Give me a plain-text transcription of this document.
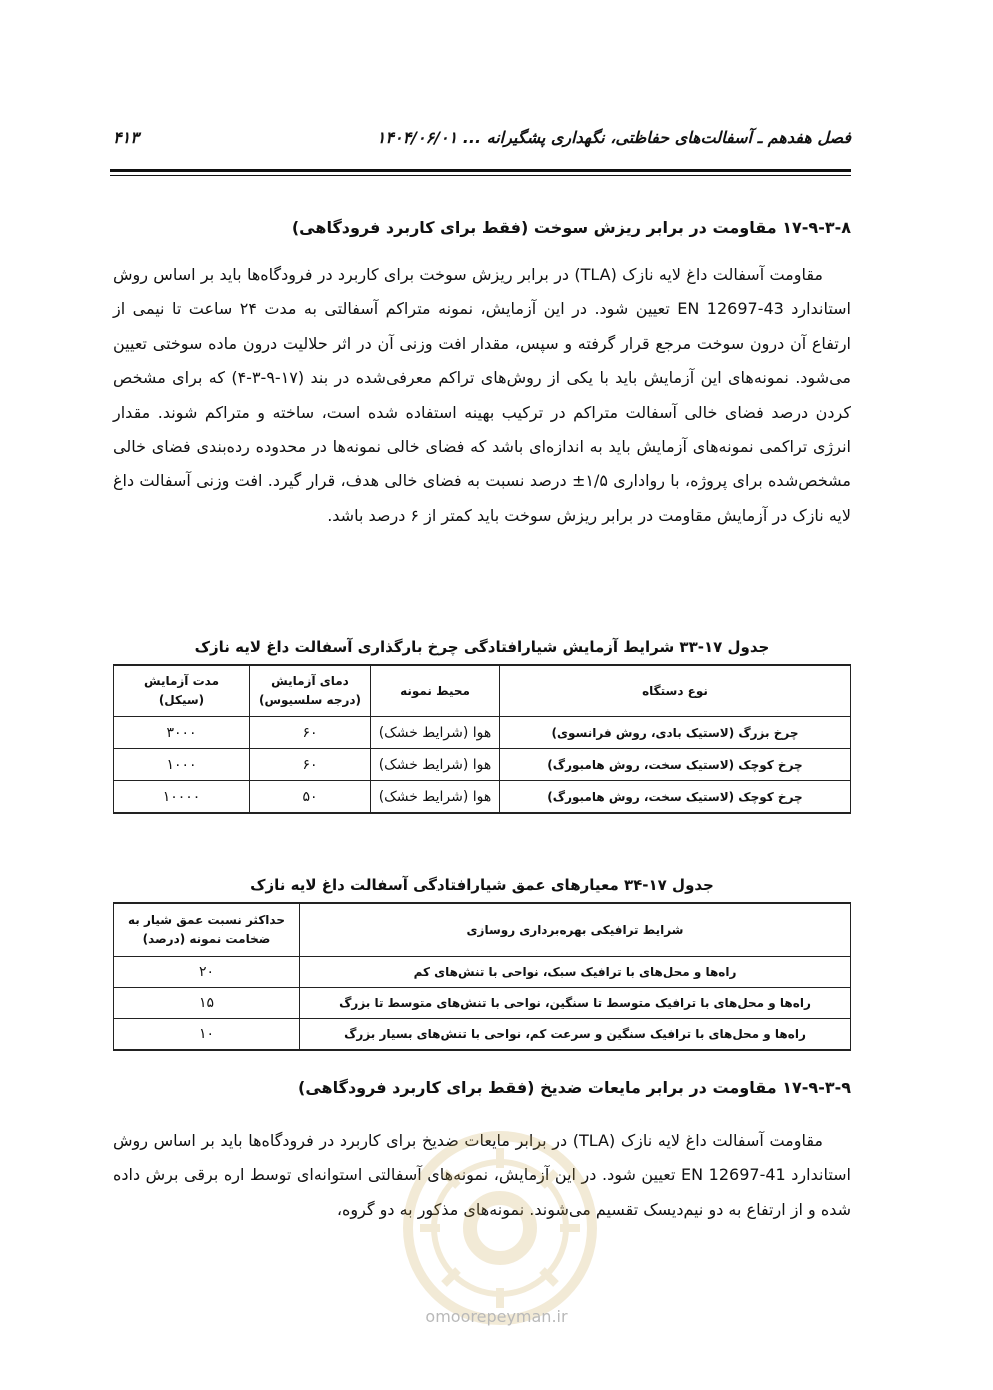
فصل هفدهم ـ آسفالت‌های حفاظتی، نگهداری پشگیرانه ... ۱۴۰۴/۰۶/۰۱
۴۱۳
۱۷-۹-۳-۸ مقاومت در برابر ریزش سوخت (فقط برای کاربرد فرودگاهی)
مقاومت آسفالت داغ لایه نازک (TLA) در برابر ریزش سوخت برای کاربرد در فرودگاه‌ها باید بر اساس روش استاندارد EN 12697-43 تعیین شود. در این آزمایش، نمونه متراکم آسفالتی به مدت ۲۴ ساعت تا نیمی از ارتفاع آن درون سوخت مرجع قرار گرفته و سپس، مقدار افت وزنی آن در اثر حلالیت درون ماده سوختی تعیین می‌شود. نمونه‌های این آزمایش باید با یکی از روش‌های تراکم معرفی‌شده در بند (۱۷-۹-۳-۴) که برای مشخص کردن درصد فضای خالی آسفالت متراکم در ترکیب بهینه استفاده شده است، ساخته و متراکم شوند. مقدار انرژی تراکمی نمونه‌های آزمایش باید به اندازه‌ای باشد که فضای خالی نمونه‌ها در محدوده رده‌بندی فضای خالی مشخص‌شده برای پروژه، با رواداری ۱/۵± درصد نسبت به فضای خالی هدف، قرار گیرد. افت وزنی آسفالت داغ لایه نازک در آزمایش مقاومت در برابر ریزش سوخت باید کمتر از ۶ درصد باشد.
جدول ۱۷-۳۳ شرایط آزمایش شیارافتادگی چرخ بارگذاری آسفالت داغ لایه نازک
نوع دستگاه	محیط نمونه	دمای آزمایش (درجه سلسیوس)	مدت آزمایش (سیکل)
چرخ بزرگ (لاستیک بادی، روش فرانسوی)	هوا (شرایط خشک)	۶۰	۳۰۰۰
چرخ کوچک (لاستیک سخت، روش هامبورگ)	هوا (شرایط خشک)	۶۰	۱۰۰۰
چرخ کوچک (لاستیک سخت، روش هامبورگ)	هوا (شرایط خشک)	۵۰	۱۰۰۰۰
جدول ۱۷-۳۴ معیارهای عمق شیارافتادگی آسفالت داغ لایه نازک
شرایط ترافیکی بهره‌برداری روسازی	حداکثر نسبت عمق شیار به ضخامت نمونه (درصد)
راه‌ها و محل‌های با ترافیک سبک، نواحی با تنش‌های کم	۲۰
راه‌ها و محل‌های با ترافیک متوسط تا سنگین، نواحی با تنش‌های متوسط تا بزرگ	۱۵
راه‌ها و محل‌های با ترافیک سنگین و سرعت کم، نواحی با تنش‌های بسیار بزرگ	۱۰
۱۷-۹-۳-۹ مقاومت در برابر مایعات ضدیخ (فقط برای کاربرد فرودگاهی)
مقاومت آسفالت داغ لایه نازک (TLA) در برابر مایعات ضدیخ برای کاربرد در فرودگاه‌ها باید بر اساس روش استاندارد EN 12697-41 تعیین شود. در این آزمایش، نمونه‌های آسفالتی استوانه‌ای توسط اره برقی برش داده شده و از ارتفاع به دو نیم‌دیسک تقسیم می‌شوند. نمونه‌های مذکور به دو گروه،
omoorepeyman.ir
